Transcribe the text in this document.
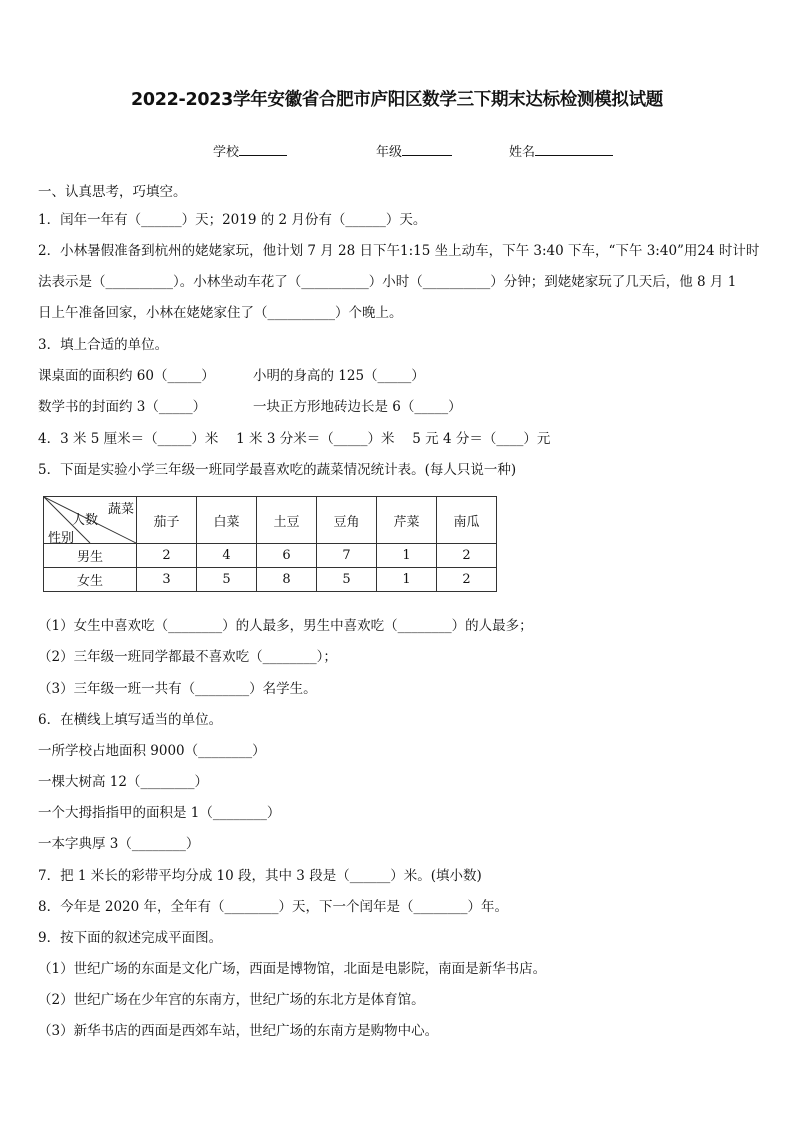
2022-2023学年安徽省合肥市庐阳区数学三下期末达标检测模拟试题
学校	年级	姓名
一、认真思考，巧填空。
1．闰年一年有（______）天；2019 的 2 月份有（______）天。
2．小林暑假准备到杭州的姥姥家玩，他计划 7 月 28 日下午1:15 坐上动车，下午 3:40 下车，“下午 3:40”用24 时计时
法表示是（__________）。小林坐动车花了（__________）小时（__________）分钟；到姥姥家玩了几天后，他 8 月 1
日上午准备回家，小林在姥姥家住了（__________）个晚上。
3．填上合适的单位。
课桌面的面积约 60（_____）	小明的身高的 125（_____）
数学书的封面约 3（_____）	一块正方形地砖边长是 6（_____）
4．3 米 5 厘米＝（_____）米　 1 米 3 分米＝（_____）米　 5 元 4 分＝（____）元
5．下面是实验小学三年级一班同学最喜欢吃的蔬菜情况统计表。(每人只说一种)
蔬菜
人数
性别	茄子	白菜	土豆	豆角	芹菜	南瓜
男生	2	4	6	7	1	2
女生	3	5	8	5	1	2
（1）女生中喜欢吃（________）的人最多，男生中喜欢吃（________）的人最多；
（2）三年级一班同学都最不喜欢吃（________）；
（3）三年级一班一共有（________）名学生。
6．在横线上填写适当的单位。
一所学校占地面积 9000（________）
一棵大树高 12（________）
一个大拇指指甲的面积是 1（________）
一本字典厚 3（________）
7．把 1 米长的彩带平均分成 10 段，其中 3 段是（______）米。(填小数)
8．今年是 2020 年，全年有（________）天，下一个闰年是（________）年。
9．按下面的叙述完成平面图。
（1）世纪广场的东面是文化广场，西面是博物馆，北面是电影院，南面是新华书店。
（2）世纪广场在少年宫的东南方，世纪广场的东北方是体育馆。
（3）新华书店的西面是西郊车站，世纪广场的东南方是购物中心。
